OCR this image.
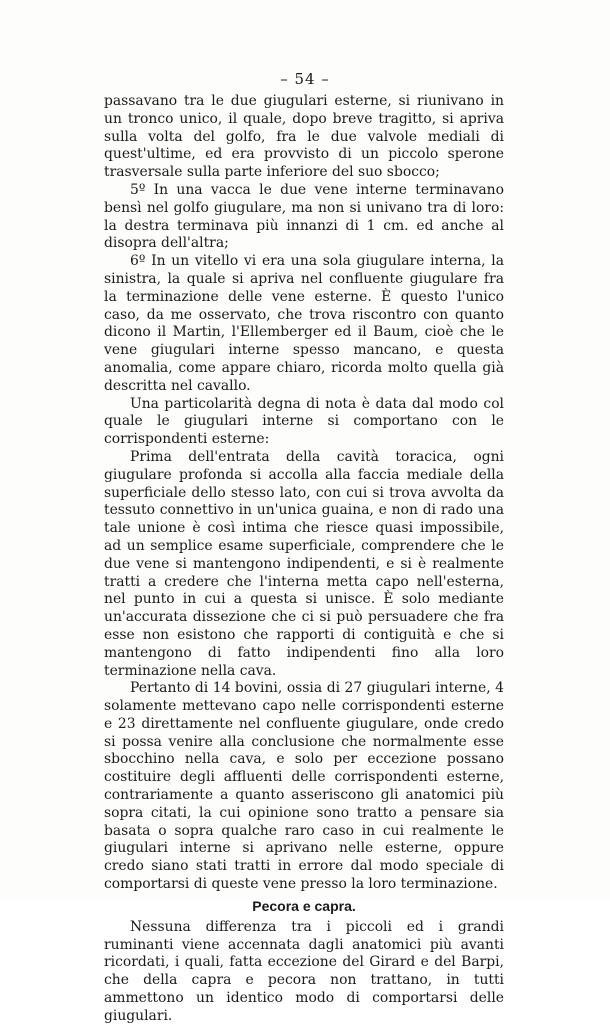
– 54 –

passavano tra le due giugulari esterne, si riunivano in un tronco unico, il quale, dopo breve tragitto, si apriva sulla volta del golfo, fra le due valvole mediali di quest'ultime, ed era provvisto di un piccolo sperone trasversale sulla parte inferiore del suo sbocco;

5º In una vacca le due vene interne terminavano bensì nel golfo giugulare, ma non si univano tra di loro: la destra terminava più innanzi di 1 cm. ed anche al disopra dell'altra;

6º In un vitello vi era una sola giugulare interna, la sinistra, la quale si apriva nel confluente giugulare fra la terminazione delle vene esterne. È questo l'unico caso, da me osservato, che trova riscontro con quanto dicono il Martin, l'Ellemberger ed il Baum, cioè che le vene giugulari interne spesso mancano, e questa anomalia, come appare chiaro, ricorda molto quella già descritta nel cavallo.

Una particolarità degna di nota è data dal modo col quale le giugulari interne si comportano con le corrispondenti esterne:

Prima dell'entrata della cavità toracica, ogni giugulare profonda si accolla alla faccia mediale della superficiale dello stesso lato, con cui si trova avvolta da tessuto connettivo in un'unica guaina, e non di rado una tale unione è così intima che riesce quasi impossibile, ad un semplice esame superficiale, comprendere che le due vene si mantengono indipendenti, e si è realmente tratti a credere che l'interna metta capo nell'esterna, nel punto in cui a questa si unisce. È solo mediante un'accurata dissezione che ci si può persuadere che fra esse non esistono che rapporti di contiguità e che si mantengono di fatto indipendenti fino alla loro terminazione nella cava.

Pertanto di 14 bovini, ossia di 27 giugulari interne, 4 solamente mettevano capo nelle corrispondenti esterne e 23 direttamente nel confluente giugulare, onde credo si possa venire alla conclusione che normalmente esse sbocchino nella cava, e solo per eccezione possano costituire degli affluenti delle corrispondenti esterne, contrariamente a quanto asseriscono gli anatomici più sopra citati, la cui opinione sono tratto a pensare sia basata o sopra qualche raro caso in cui realmente le giugulari interne si aprivano nelle esterne, oppure credo siano stati tratti in errore dal modo speciale di comportarsi di queste vene presso la loro terminazione.

Pecora e capra.

Nessuna differenza tra i piccoli ed i grandi ruminanti viene accennata dagli anatomici più avanti ricordati, i quali, fatta eccezione del Girard e del Barpi, che della capra e pecora non trattano, in tutti ammettono un identico modo di comportarsi delle giugulari.
